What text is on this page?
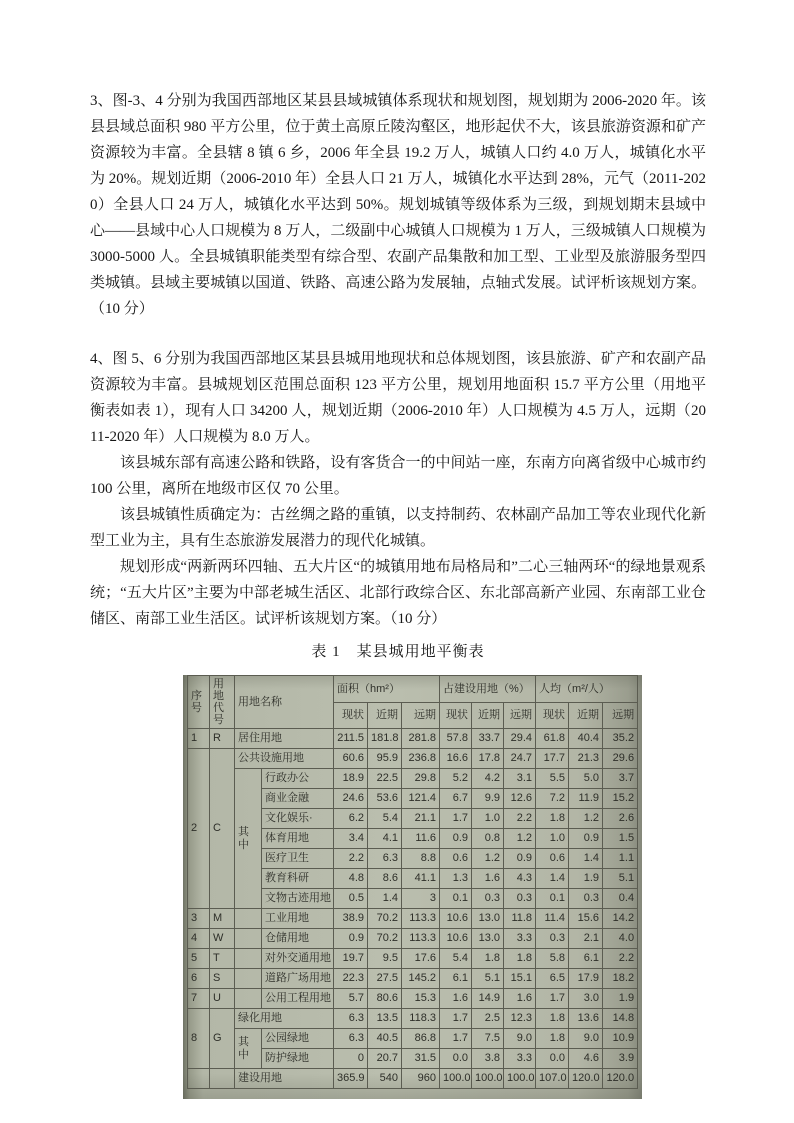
3、图-3、4 分别为我国西部地区某县县域城镇体系现状和规划图，规划期为 2006-2020 年。该县县域总面积 980 平方公里，位于黄土高原丘陵沟壑区，地形起伏不大，该县旅游资源和矿产资源较为丰富。全县辖 8 镇 6 乡，2006 年全县 19.2 万人，城镇人口约 4.0 万人，城镇化水平为 20%。规划近期（2006-2010 年）全县人口 21 万人，城镇化水平达到 28%，元气（2011-2020）全县人口 24 万人，城镇化水平达到 50%。规划城镇等级体系为三级，到规划期末县域中心——县域中心人口规模为 8 万人，二级副中心城镇人口规模为 1 万人，三级城镇人口规模为 3000-5000 人。全县城镇职能类型有综合型、农副产品集散和加工型、工业型及旅游服务型四类城镇。县域主要城镇以国道、铁路、高速公路为发展轴，点轴式发展。试评析该规划方案。（10 分）

4、图 5、6 分别为我国西部地区某县县城用地现状和总体规划图，该县旅游、矿产和农副产品资源较为丰富。县城规划区范围总面积 123 平方公里，规划用地面积 15.7 平方公里（用地平衡表如表 1），现有人口 34200 人，规划近期（2006-2010 年）人口规模为 4.5 万人，远期（2011-2020 年）人口规模为 8.0 万人。

该县城东部有高速公路和铁路，设有客货合一的中间站一座，东南方向离省级中心城市约 100 公里，离所在地级市区仅 70 公里。

该县城镇性质确定为：古丝绸之路的重镇，以支持制药、农林副产品加工等农业现代化新型工业为主，具有生态旅游发展潜力的现代化城镇。

规划形成“两新两环四轴、五大片区“的城镇用地布局格局和”二心三轴两环“的绿地景观系统；“五大片区”主要为中部老城生活区、北部行政综合区、东北部高新产业园、东南部工业仓储区、南部工业生活区。试评析该规划方案。（10 分）

表 1　某县城用地平衡表
序号	用地代号	用地名称		面积（hm²）			占建设用地（%）			人均（m²/人）		
				现状	近期	远期	现状	近期	远期	现状	近期	远期
1	R	居住用地		211.5	181.8	281.8	57.8	33.7	29.4	61.8	40.4	35.2
2	C	公共设施用地		60.6	95.9	236.8	16.6	17.8	24.7	17.7	21.3	29.6
		其中	行政办公	18.9	22.5	29.8	5.2	4.2	3.1	5.5	5.0	3.7
			商业金融	24.6	53.6	121.4	6.7	9.9	12.6	7.2	11.9	15.2
			文化娱乐·	6.2	5.4	21.1	1.7	1.0	2.2	1.8	1.2	2.6
			体育用地	3.4	4.1	11.6	0.9	0.8	1.2	1.0	0.9	1.5
			医疗卫生	2.2	6.3	8.8	0.6	1.2	0.9	0.6	1.4	1.1
			教育科研	4.8	8.6	41.1	1.3	1.6	4.3	1.4	1.9	5.1
			文物古迹用地	0.5	1.4	3	0.1	0.3	0.3	0.1	0.3	0.4
3	M		工业用地	38.9	70.2	113.3	10.6	13.0	11.8	11.4	15.6	14.2
4	W		仓储用地	0.9	70.2	113.3	10.6	13.0	3.3	0.3	2.1	4.0
5	T		对外交通用地	19.7	9.5	17.6	5.4	1.8	1.8	5.8	6.1	2.2
6	S		道路广场用地	22.3	27.5	145.2	6.1	5.1	15.1	6.5	17.9	18.2
7	U		公用工程用地	5.7	80.6	15.3	1.6	14.9	1.6	1.7	3.0	1.9
8	G	绿化用地		6.3	13.5	118.3	1.7	2.5	12.3	1.8	13.6	14.8
		其中	公园绿地	6.3	40.5	86.8	1.7	7.5	9.0	1.8	9.0	10.9
			防护绿地	0	20.7	31.5	0.0	3.8	3.3	0.0	4.6	3.9
		建设用地		365.9	540	960	100.0	100.0	100.0	107.0	120.0	120.0
